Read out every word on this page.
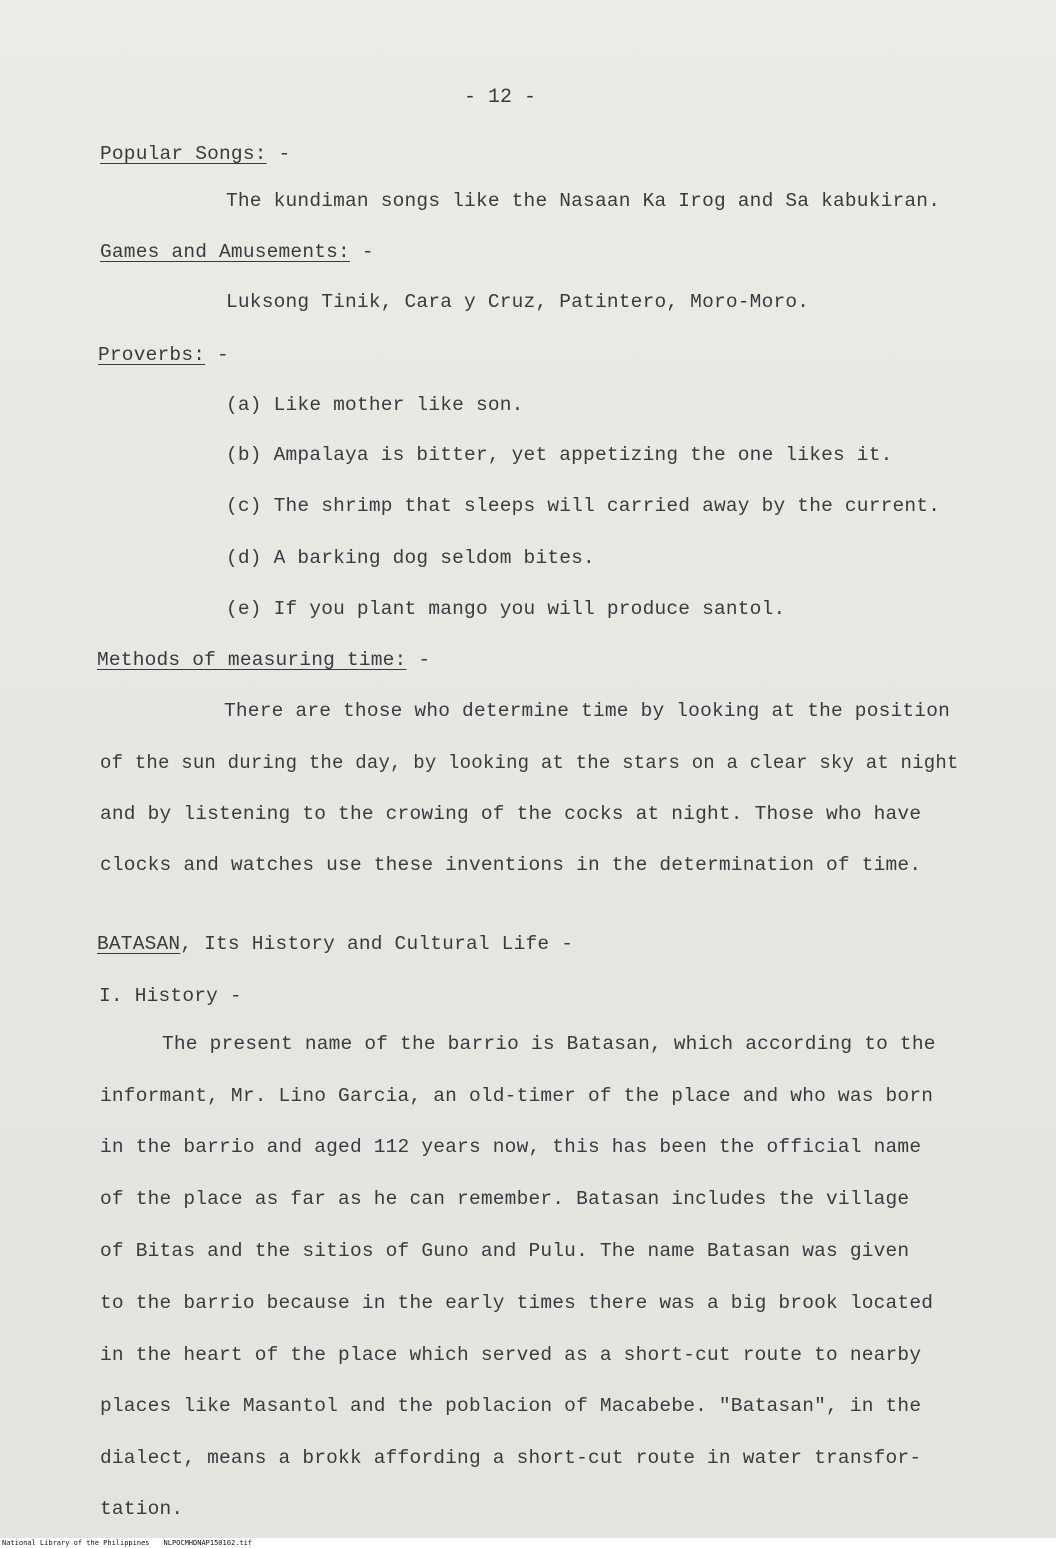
- 12 -
Popular Songs: -
The kundiman songs like the Nasaan Ka Irog and Sa kabukiran.
Games and Amusements: -
Luksong Tinik, Cara y Cruz, Patintero, Moro-Moro.
Proverbs: -
(a) Like mother like son.
(b) Ampalaya is bitter, yet appetizing the one likes it.
(c) The shrimp that sleeps will carried away by the current.
(d) A barking dog seldom bites.
(e) If you plant mango you will produce santol.
Methods of measuring time: -
There are those who determine time by looking at the position
of the sun during the day, by looking at the stars on a clear sky at night
and by listening to the crowing of the cocks at night. Those who have
clocks and watches use these inventions in the determination of time.
BATASAN, Its History and Cultural Life -
I. History -
The present name of the barrio is Batasan, which according to the
informant, Mr. Lino Garcia, an old-timer of the place and who was born
in the barrio and aged 112 years now, this has been the official name
of the place as far as he can remember. Batasan includes the village
of Bitas and the sitios of Guno and Pulu. The name Batasan was given
to the barrio because in the early times there was a big brook located
in the heart of the place which served as a short-cut route to nearby
places like Masantol and the poblacion of Macabebe. "Batasan", in the
dialect, means a brokk affording a short-cut route in water transfor-
tation.
National Library of the Philippines NLPOCMHDNAP150102.tif
